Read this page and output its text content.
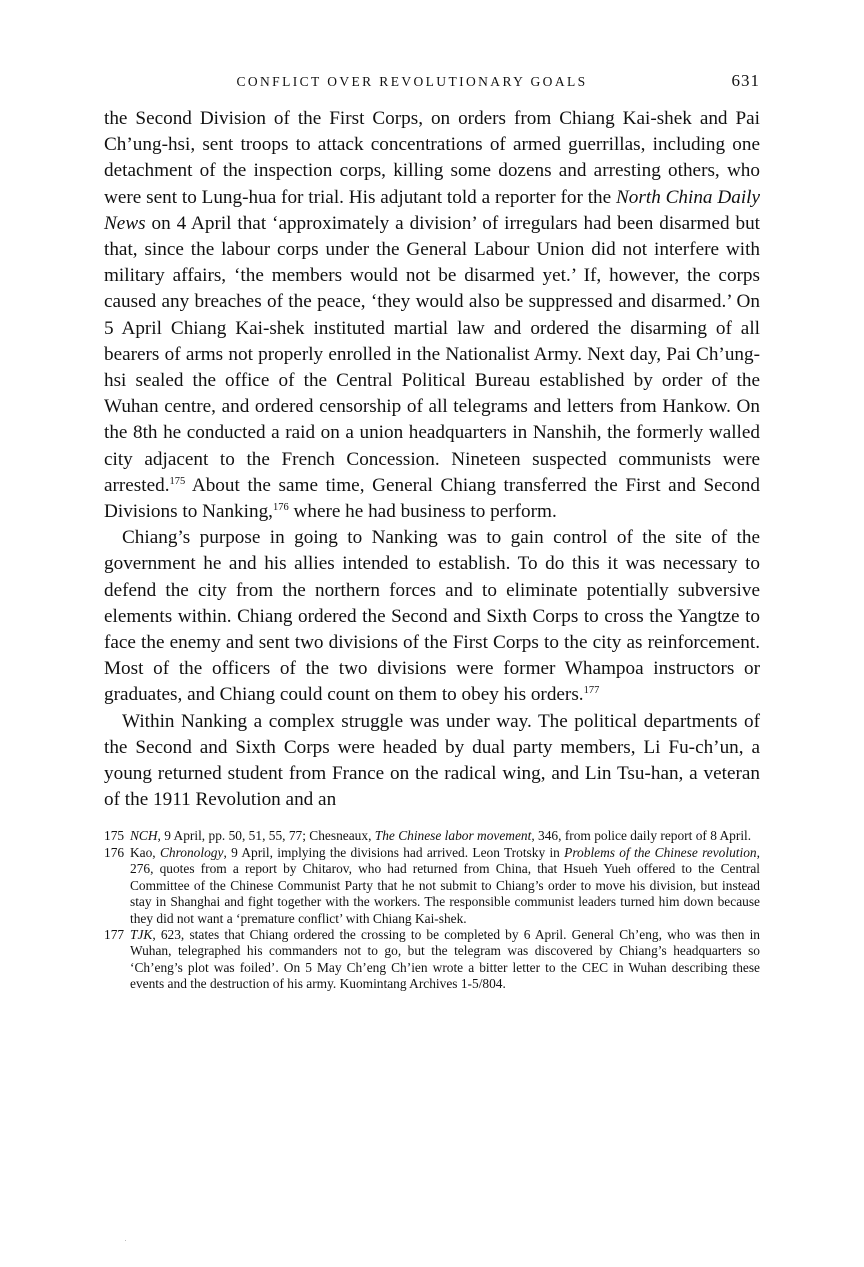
CONFLICT OVER REVOLUTIONARY GOALS	631

the Second Division of the First Corps, on orders from Chiang Kai-shek and Pai Ch’ung-hsi, sent troops to attack concentrations of armed guerrillas, including one detachment of the inspection corps, killing some dozens and arresting others, who were sent to Lung-hua for trial. His adjutant told a reporter for the North China Daily News on 4 April that ‘approximately a division’ of irregulars had been disarmed but that, since the labour corps under the General Labour Union did not interfere with military affairs, ‘the members would not be disarmed yet.’ If, however, the corps caused any breaches of the peace, ‘they would also be suppressed and disarmed.’ On 5 April Chiang Kai-shek instituted martial law and ordered the disarming of all bearers of arms not properly enrolled in the Nationalist Army. Next day, Pai Ch’ung-hsi sealed the office of the Central Political Bureau established by order of the Wuhan centre, and ordered censorship of all telegrams and letters from Hankow. On the 8th he conducted a raid on a union headquarters in Nanshih, the formerly walled city adjacent to the French Concession. Nineteen suspected communists were arrested.$^{175}$ About the same time, General Chiang transferred the First and Second Divisions to Nanking,$^{176}$ where he had business to perform.

Chiang’s purpose in going to Nanking was to gain control of the site of the government he and his allies intended to establish. To do this it was necessary to defend the city from the northern forces and to eliminate potentially subversive elements within. Chiang ordered the Second and Sixth Corps to cross the Yangtze to face the enemy and sent two divisions of the First Corps to the city as reinforcement. Most of the officers of the two divisions were former Whampoa instructors or graduates, and Chiang could count on them to obey his orders.$^{177}$

Within Nanking a complex struggle was under way. The political departments of the Second and Sixth Corps were headed by dual party members, Li Fu-ch’un, a young returned student from France on the radical wing, and Lin Tsu-han, a veteran of the 1911 Revolution and an

175 NCH, 9 April, pp. 50, 51, 55, 77; Chesneaux, The Chinese labor movement, 346, from police daily report of 8 April.
176 Kao, Chronology, 9 April, implying the divisions had arrived. Leon Trotsky in Problems of the Chinese revolution, 276, quotes from a report by Chitarov, who had returned from China, that Hsueh Yueh offered to the Central Committee of the Chinese Communist Party that he not submit to Chiang’s order to move his division, but instead stay in Shanghai and fight together with the workers. The responsible communist leaders turned him down because they did not want a ‘premature conflict’ with Chiang Kai-shek.
177 TJK, 623, states that Chiang ordered the crossing to be completed by 6 April. General Ch’eng, who was then in Wuhan, telegraphed his commanders not to go, but the telegram was discovered by Chiang’s headquarters so ‘Ch’eng’s plot was foiled’. On 5 May Ch’eng Ch’ien wrote a bitter letter to the CEC in Wuhan describing these events and the destruction of his army. Kuomintang Archives 1-5/804.
